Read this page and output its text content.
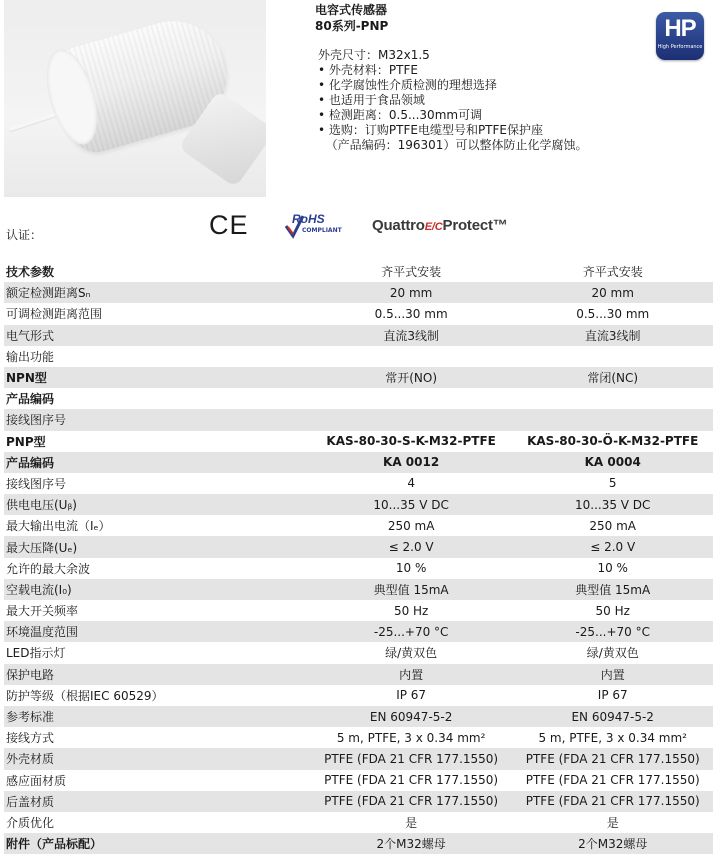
电容式传感器
80系列-PNP
外壳尺寸：M32x1.5
• 外壳材料：PTFE
• 化学腐蚀性介质检测的理想选择
• 也适用于食品领域
• 检测距离：0.5...30mm可调
• 选购：订购PTFE电缆型号和PTFE保护座
（产品编码：196301）可以整体防止化学腐蚀。
HP
High Performance
认证：	CE	RoHS
COMPLIANT QuattroE/CProtect™
技术参数	齐平式安装	齐平式安装
额定检测距离Sₙ	20 mm	20 mm
可调检测距离范围	0.5...30 mm	0.5...30 mm
电气形式	直流3线制	直流3线制
输出功能		
NPN型	常开(NO)	常闭(NC)
产品编码		
接线图序号		
PNP型	KAS-80-30-S-K-M32-PTFE	KAS-80-30-Ö-K-M32-PTFE
产品编码	KA 0012	KA 0004
接线图序号	4	5
供电电压(Uᵦ)	10...35 V DC	10...35 V DC
最大输出电流（Iₑ）	250 mA	250 mA
最大压降(Uₑ)	≤ 2.0 V	≤ 2.0 V
允许的最大余波	10 %	10 %
空载电流(I₀)	典型值 15mA	典型值 15mA
最大开关频率	50 Hz	50 Hz
环境温度范围	-25...+70 °C	-25...+70 °C
LED指示灯	绿/黄双色	绿/黄双色
保护电路	内置	内置
防护等级（根据IEC 60529）	IP 67	IP 67
参考标准	EN 60947-5-2	EN 60947-5-2
接线方式	5 m, PTFE, 3 x 0.34 mm²	5 m, PTFE, 3 x 0.34 mm²
外壳材质	PTFE (FDA 21 CFR 177.1550)	PTFE (FDA 21 CFR 177.1550)
感应面材质	PTFE (FDA 21 CFR 177.1550)	PTFE (FDA 21 CFR 177.1550)
后盖材质	PTFE (FDA 21 CFR 177.1550)	PTFE (FDA 21 CFR 177.1550)
介质优化	是	是
附件（产品标配）	2个M32螺母	2个M32螺母
